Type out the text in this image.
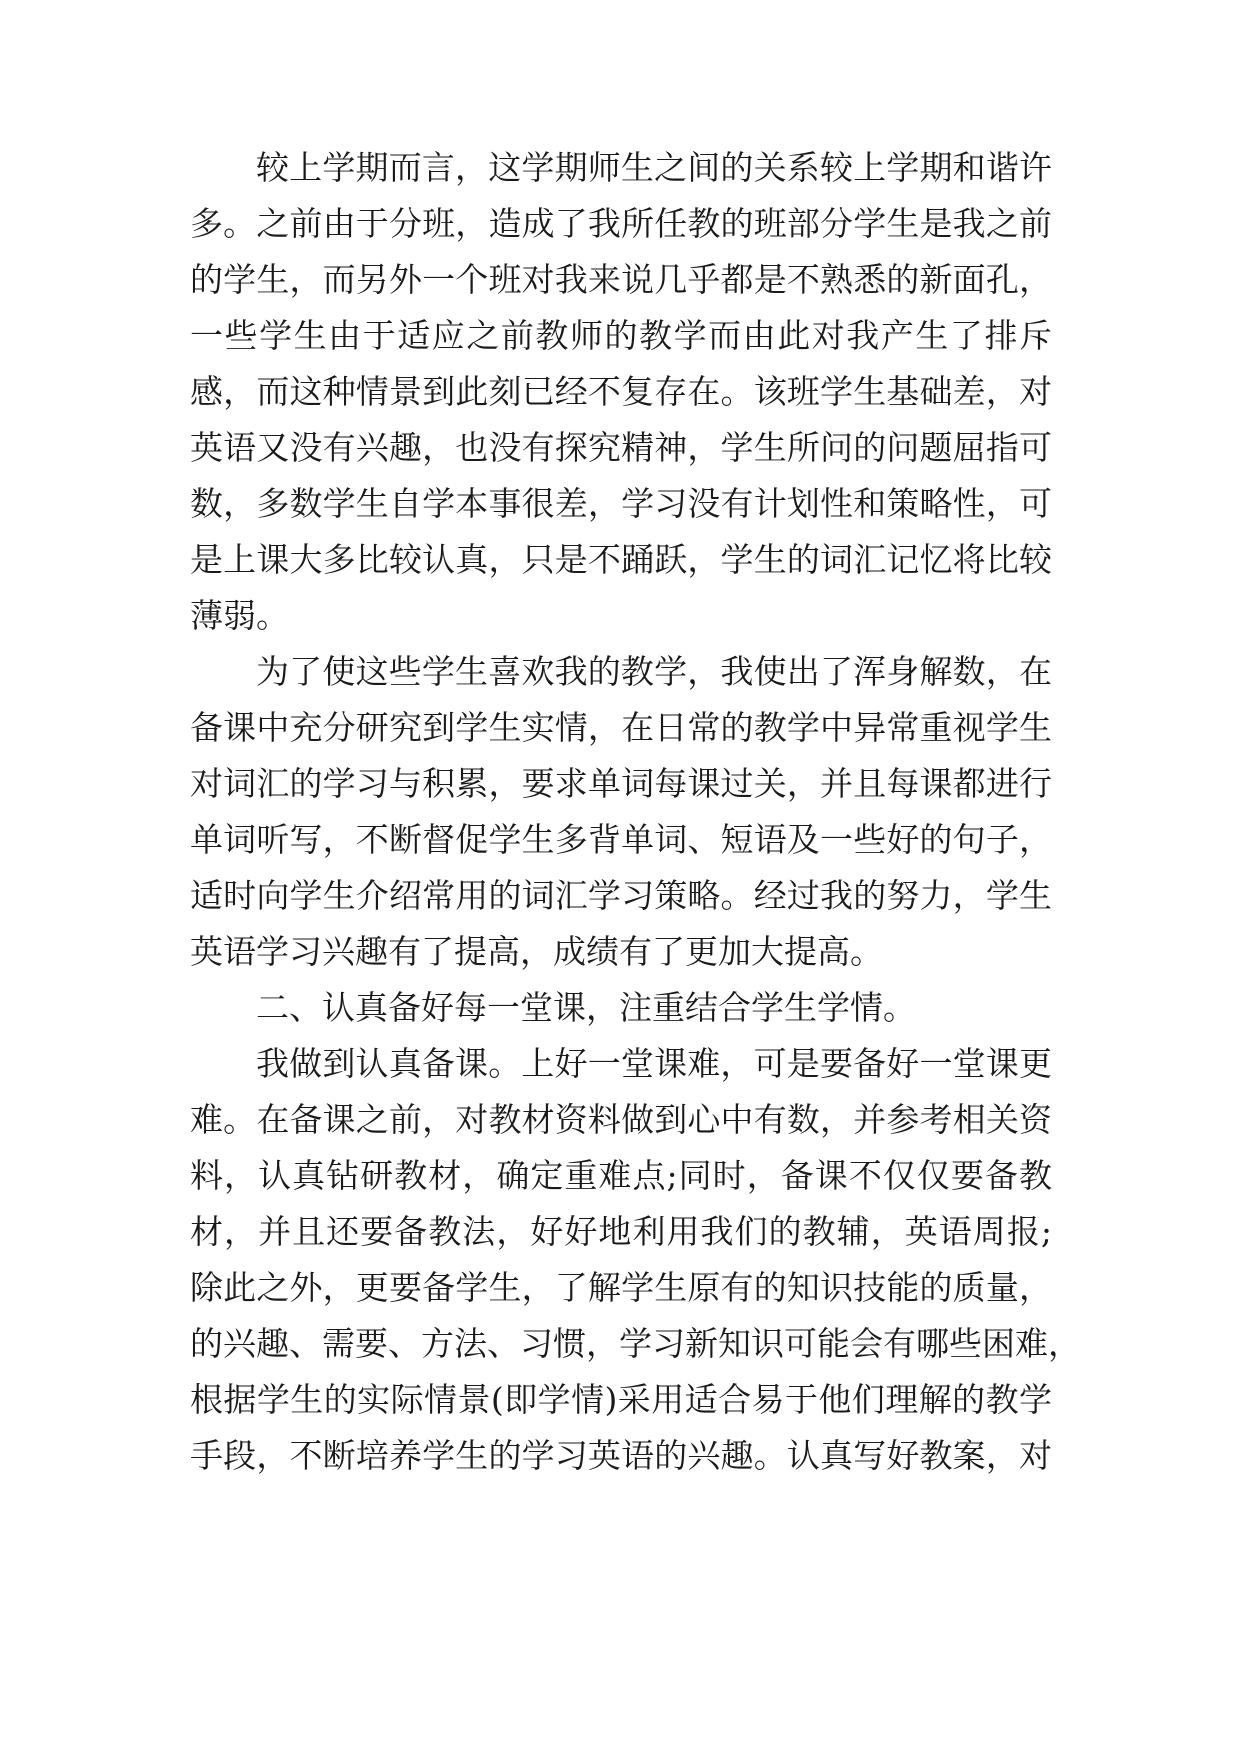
较上学期而言，这学期师生之间的关系较上学期和谐许
多。之前由于分班，造成了我所任教的班部分学生是我之前
的学生，而另外一个班对我来说几乎都是不熟悉的新面孔，
一些学生由于适应之前教师的教学而由此对我产生了排斥
感，而这种情景到此刻已经不复存在。该班学生基础差，对
英语又没有兴趣，也没有探究精神，学生所问的问题屈指可
数，多数学生自学本事很差，学习没有计划性和策略性，可
是上课大多比较认真，只是不踊跃，学生的词汇记忆将比较
薄弱。
为了使这些学生喜欢我的教学，我使出了浑身解数，在
备课中充分研究到学生实情，在日常的教学中异常重视学生
对词汇的学习与积累，要求单词每课过关，并且每课都进行
单词听写，不断督促学生多背单词、短语及一些好的句子，
适时向学生介绍常用的词汇学习策略。经过我的努力，学生
英语学习兴趣有了提高，成绩有了更加大提高。
二、认真备好每一堂课，注重结合学生学情。
我做到认真备课。上好一堂课难，可是要备好一堂课更
难。在备课之前，对教材资料做到心中有数，并参考相关资
料，认真钻研教材，确定重难点;同时，备课不仅仅要备教
材，并且还要备教法，好好地利用我们的教辅，英语周报;
除此之外，更要备学生，了解学生原有的知识技能的质量，
的兴趣、需要、方法、习惯，学习新知识可能会有哪些困难，
根据学生的实际情景(即学情)采用适合易于他们理解的教学
手段，不断培养学生的学习英语的兴趣。认真写好教案，对
